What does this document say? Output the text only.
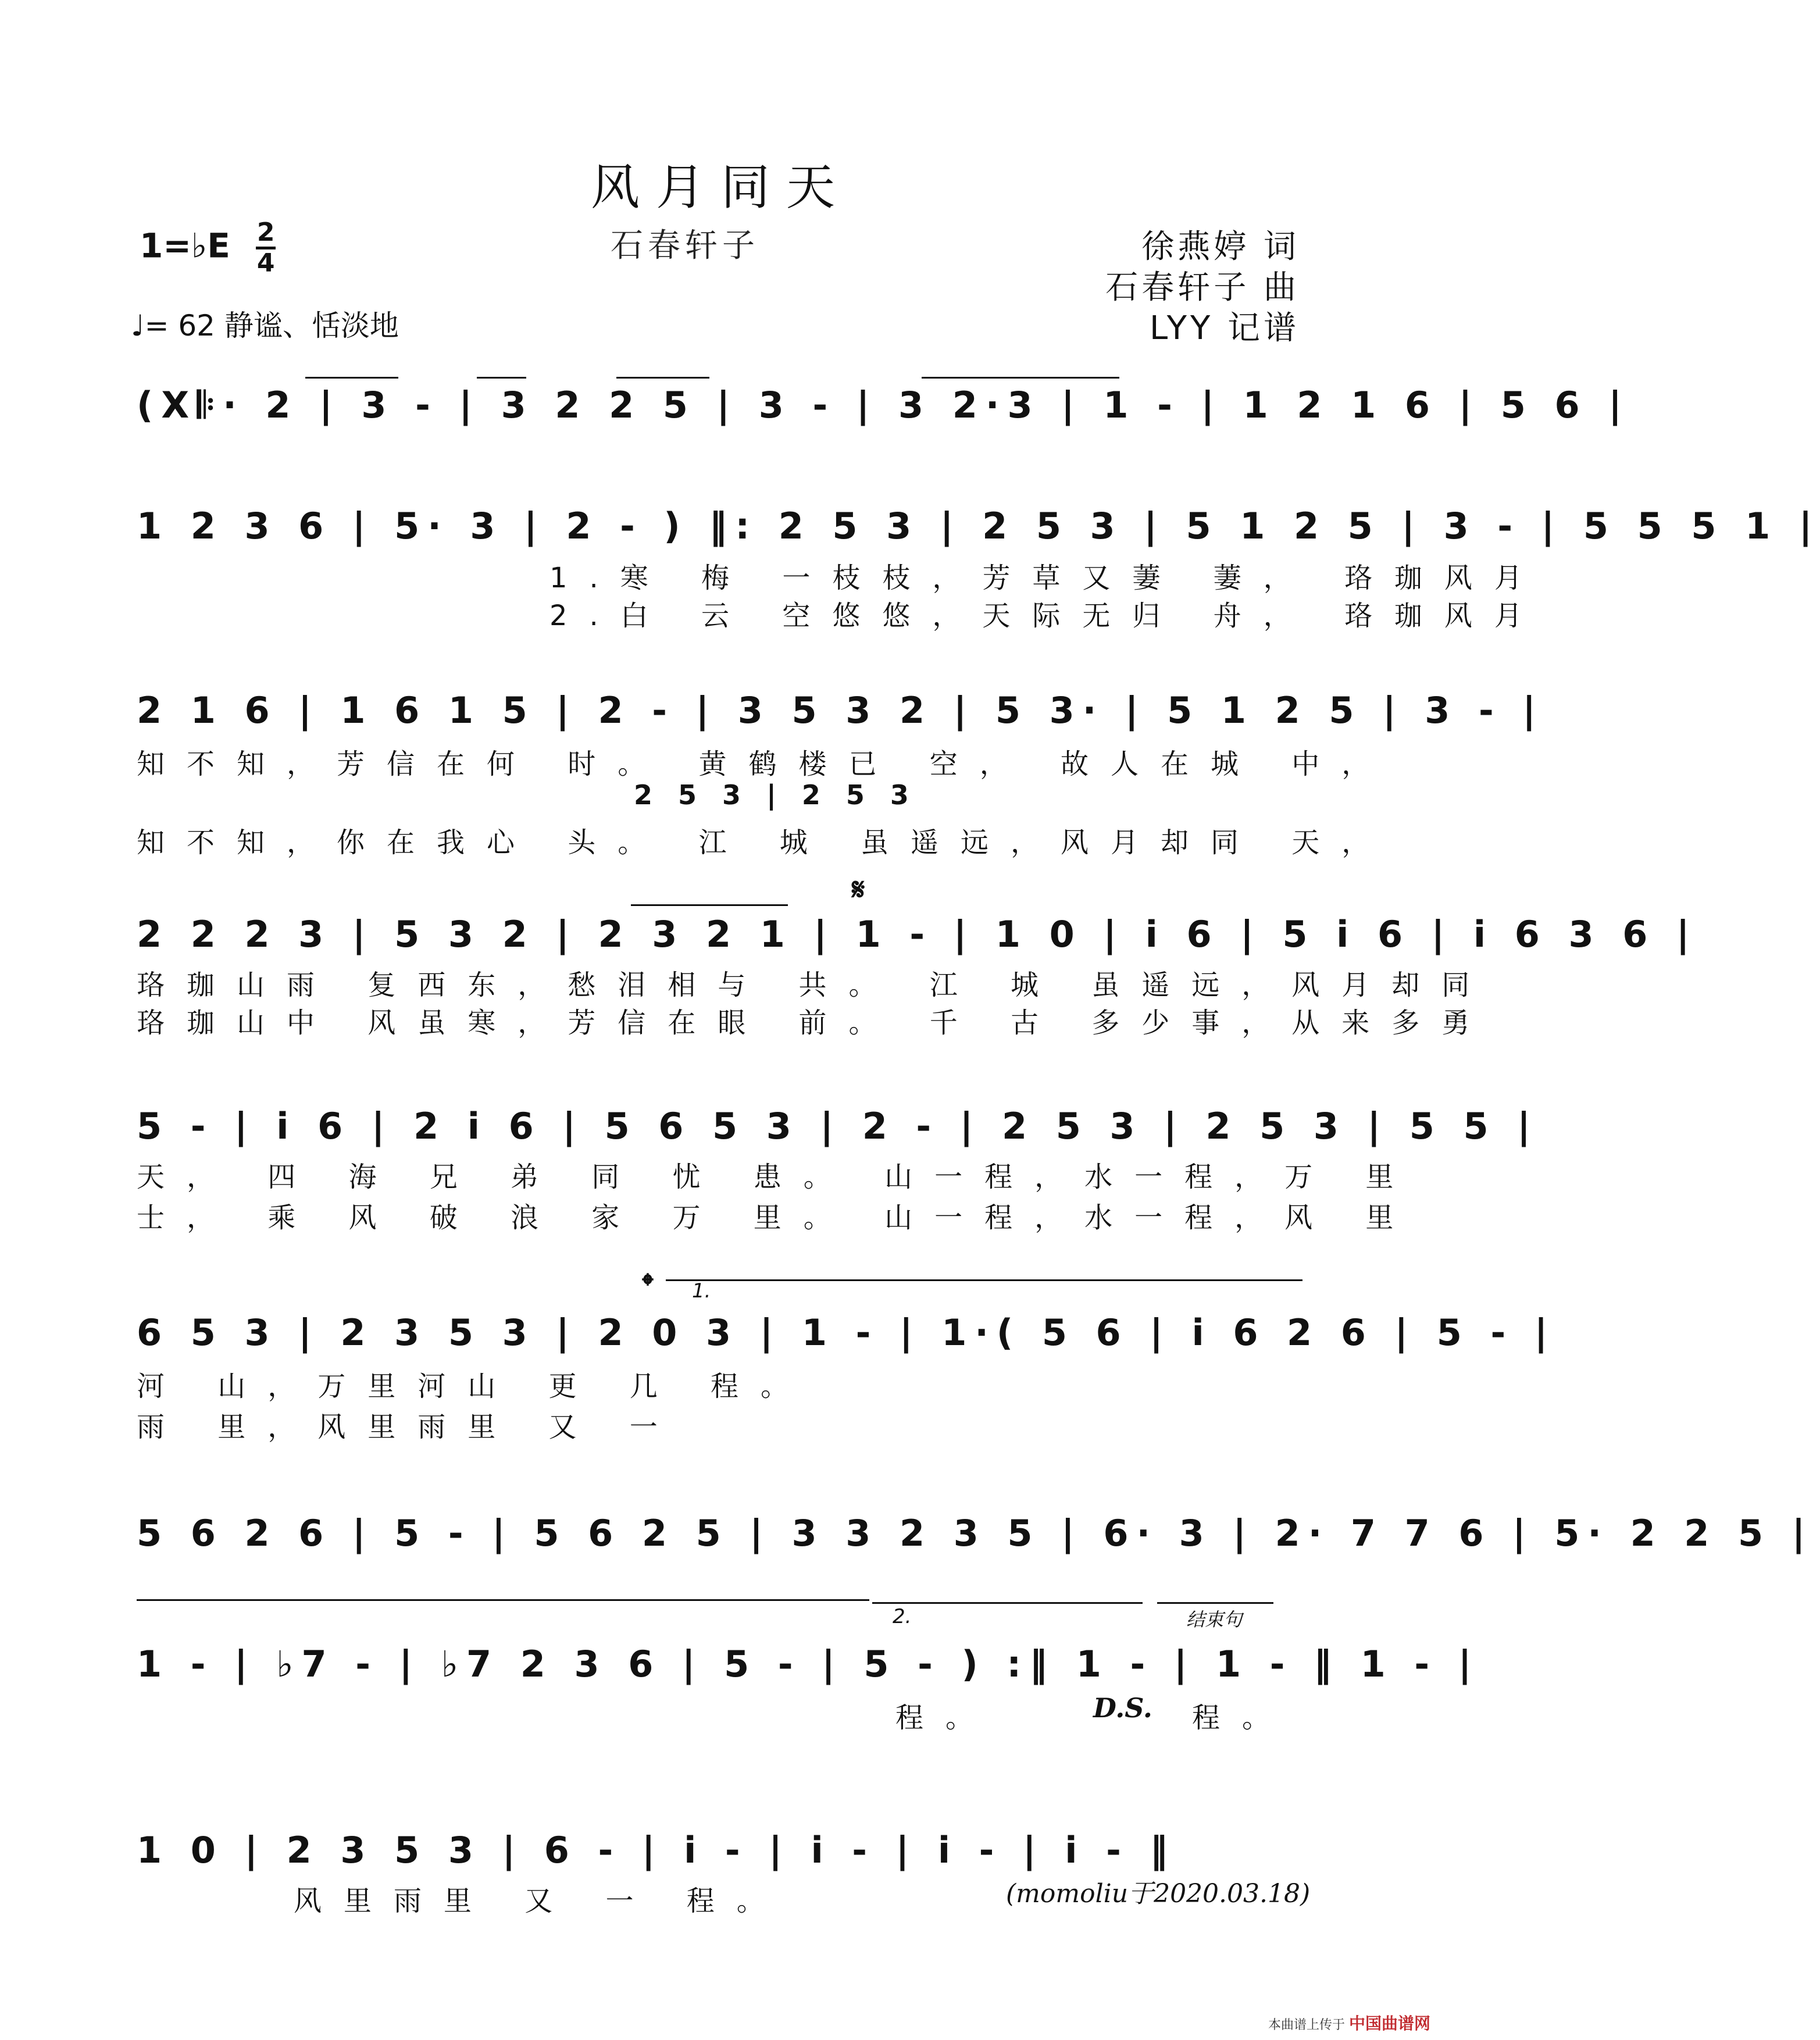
风月同天
石春轩子
1=♭E 2
4
♩= 62 静谧、恬淡地
徐燕婷 词
石春轩子 曲
LYY 记谱
(X𝄆· 2 | 3 - | 3 2 2 5 | 3 - | 3 2·3 | 1 - | 1 2 1 6 | 5 6 |
1 2 3 6 | 5· 3 | 2 - ) ‖: 2 5 3 | 2 5 3 | 5 1 2 5 | 3 - | 5 5 5 1 |
1.寒 梅 一枝枝，芳草又萋 萋， 珞珈风月
2.白 云 空悠悠，天际无归 舟， 珞珈风月
2 1 6 | 1 6 1 5 | 2 - | 3 5 3 2 | 5 3· | 5 1 2 5 | 3 - |
知不知，芳信在何 时。 黄鹤楼已 空， 故人在城 中，
2 5 3 | 2 5 3
知不知，你在我心 头。 江 城 虽遥远，风月却同 天，
𝄋
2 2 2 3 | 5 3 2 | 2 3 2 1 | 1 - | 1 0 | i 6 | 5 i 6 | i 6 3 6 |
珞珈山雨 复西东，愁泪相与 共。 江 城 虽遥远，风月却同
珞珈山中 风虽寒，芳信在眼 前。 千 古 多少事，从来多勇
5 - | i 6 | 2 i 6 | 5 6 5 3 | 2 - | 2 5 3 | 2 5 3 | 5 5 |
天， 四 海 兄 弟 同 忧 患。 山一程，水一程，万 里
士， 乘 风 破 浪 家 万 里。 山一程，水一程，风 里
𝄌 1.
6 5 3 | 2 3 5 3 | 2 0 3 | 1 - | 1·( 5 6 | i 6 2 6 | 5 - |
河 山，万里河山 更 几 程。
雨 里，风里雨里 又 一
5 6 2 6 | 5 - | 5 6 2 5 | 3 3 2 3 5 | 6· 3 | 2· 7 7 6 | 5· 2 2 5 |
2.	结束句
1 - | ♭7 - | ♭7 2 3 6 | 5 - | 5 - ) :‖ 1 - | 1 - ‖ 1 - |
程。	D.S. 程。
1 0 | 2 3 5 3 | 6 - | i - | i - | i - | i - ‖
风里雨里 又 一 程。	(momoliu于2020.03.18)
本曲谱上传于 中国曲谱网
